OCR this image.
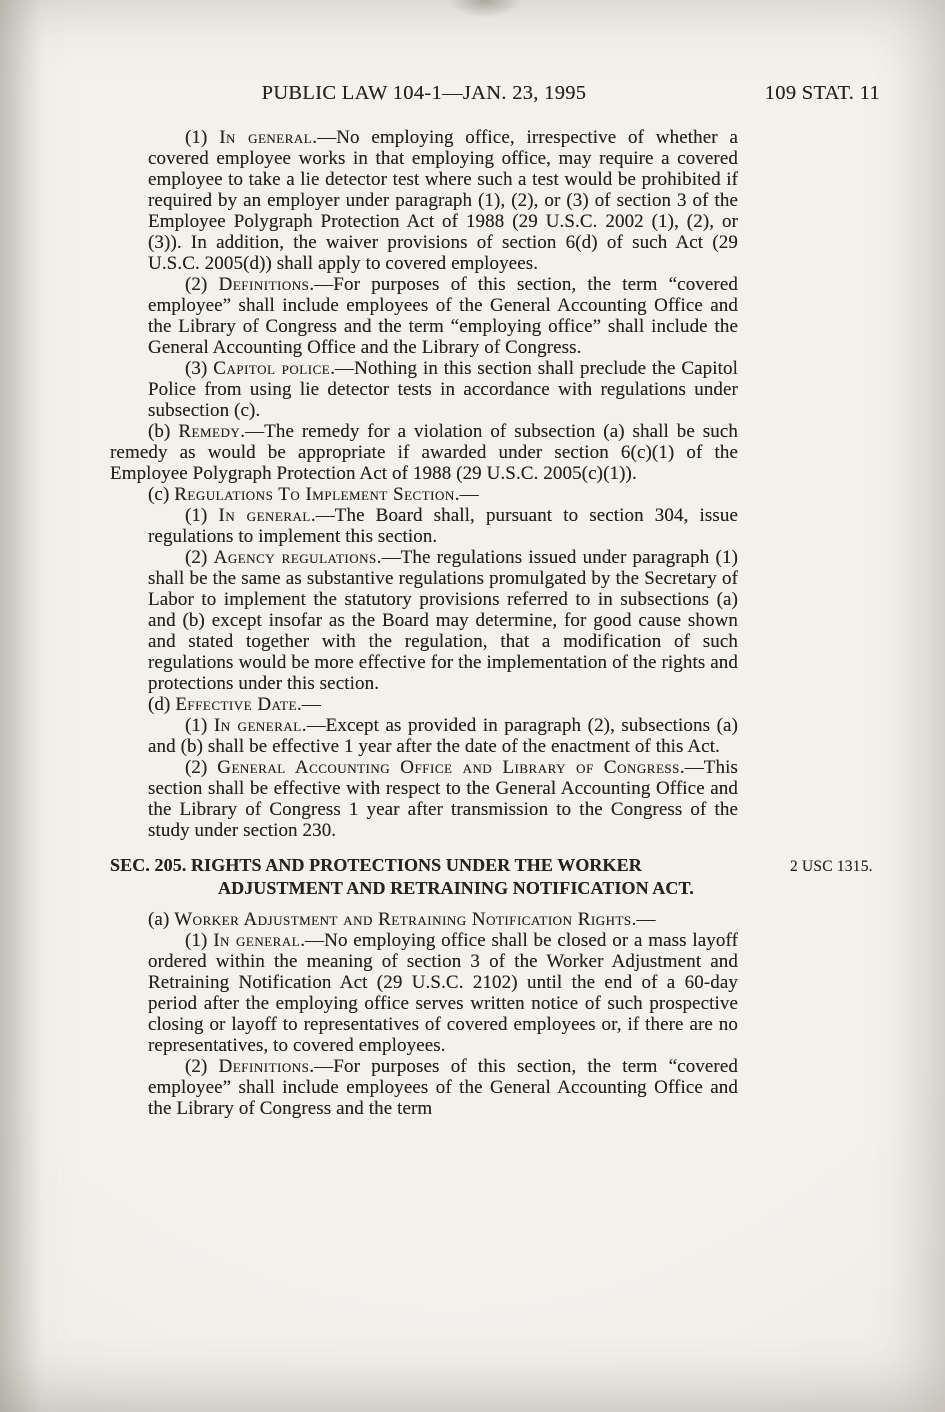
PUBLIC LAW 104-1—JAN. 23, 1995	109 STAT. 11

(1) In general.—No employing office, irrespective of whether a covered employee works in that employing office, may require a covered employee to take a lie detector test where such a test would be prohibited if required by an employer under paragraph (1), (2), or (3) of section 3 of the Employee Polygraph Protection Act of 1988 (29 U.S.C. 2002 (1), (2), or (3)). In addition, the waiver provisions of section 6(d) of such Act (29 U.S.C. 2005(d)) shall apply to covered employees.

(2) Definitions.—For purposes of this section, the term “covered employee” shall include employees of the General Accounting Office and the Library of Congress and the term “employing office” shall include the General Accounting Office and the Library of Congress.

(3) Capitol police.—Nothing in this section shall preclude the Capitol Police from using lie detector tests in accordance with regulations under subsection (c).

(b) Remedy.—The remedy for a violation of subsection (a) shall be such remedy as would be appropriate if awarded under section 6(c)(1) of the Employee Polygraph Protection Act of 1988 (29 U.S.C. 2005(c)(1)).

(c) Regulations To Implement Section.—

(1) In general.—The Board shall, pursuant to section 304, issue regulations to implement this section.

(2) Agency regulations.—The regulations issued under paragraph (1) shall be the same as substantive regulations promulgated by the Secretary of Labor to implement the statutory provisions referred to in subsections (a) and (b) except insofar as the Board may determine, for good cause shown and stated together with the regulation, that a modification of such regulations would be more effective for the implementation of the rights and protections under this section.

(d) Effective Date.—

(1) In general.—Except as provided in paragraph (2), subsections (a) and (b) shall be effective 1 year after the date of the enactment of this Act.

(2) General Accounting Office and Library of Congress.—This section shall be effective with respect to the General Accounting Office and the Library of Congress 1 year after transmission to the Congress of the study under section 230.

SEC. 205. RIGHTS AND PROTECTIONS UNDER THE WORKER ADJUSTMENT AND RETRAINING NOTIFICATION ACT.
2 USC 1315.

(a) Worker Adjustment and Retraining Notification Rights.—

(1) In general.—No employing office shall be closed or a mass layoff ordered within the meaning of section 3 of the Worker Adjustment and Retraining Notification Act (29 U.S.C. 2102) until the end of a 60-day period after the employing office serves written notice of such prospective closing or layoff to representatives of covered employees or, if there are no representatives, to covered employees.

(2) Definitions.—For purposes of this section, the term “covered employee” shall include employees of the General Accounting Office and the Library of Congress and the term
